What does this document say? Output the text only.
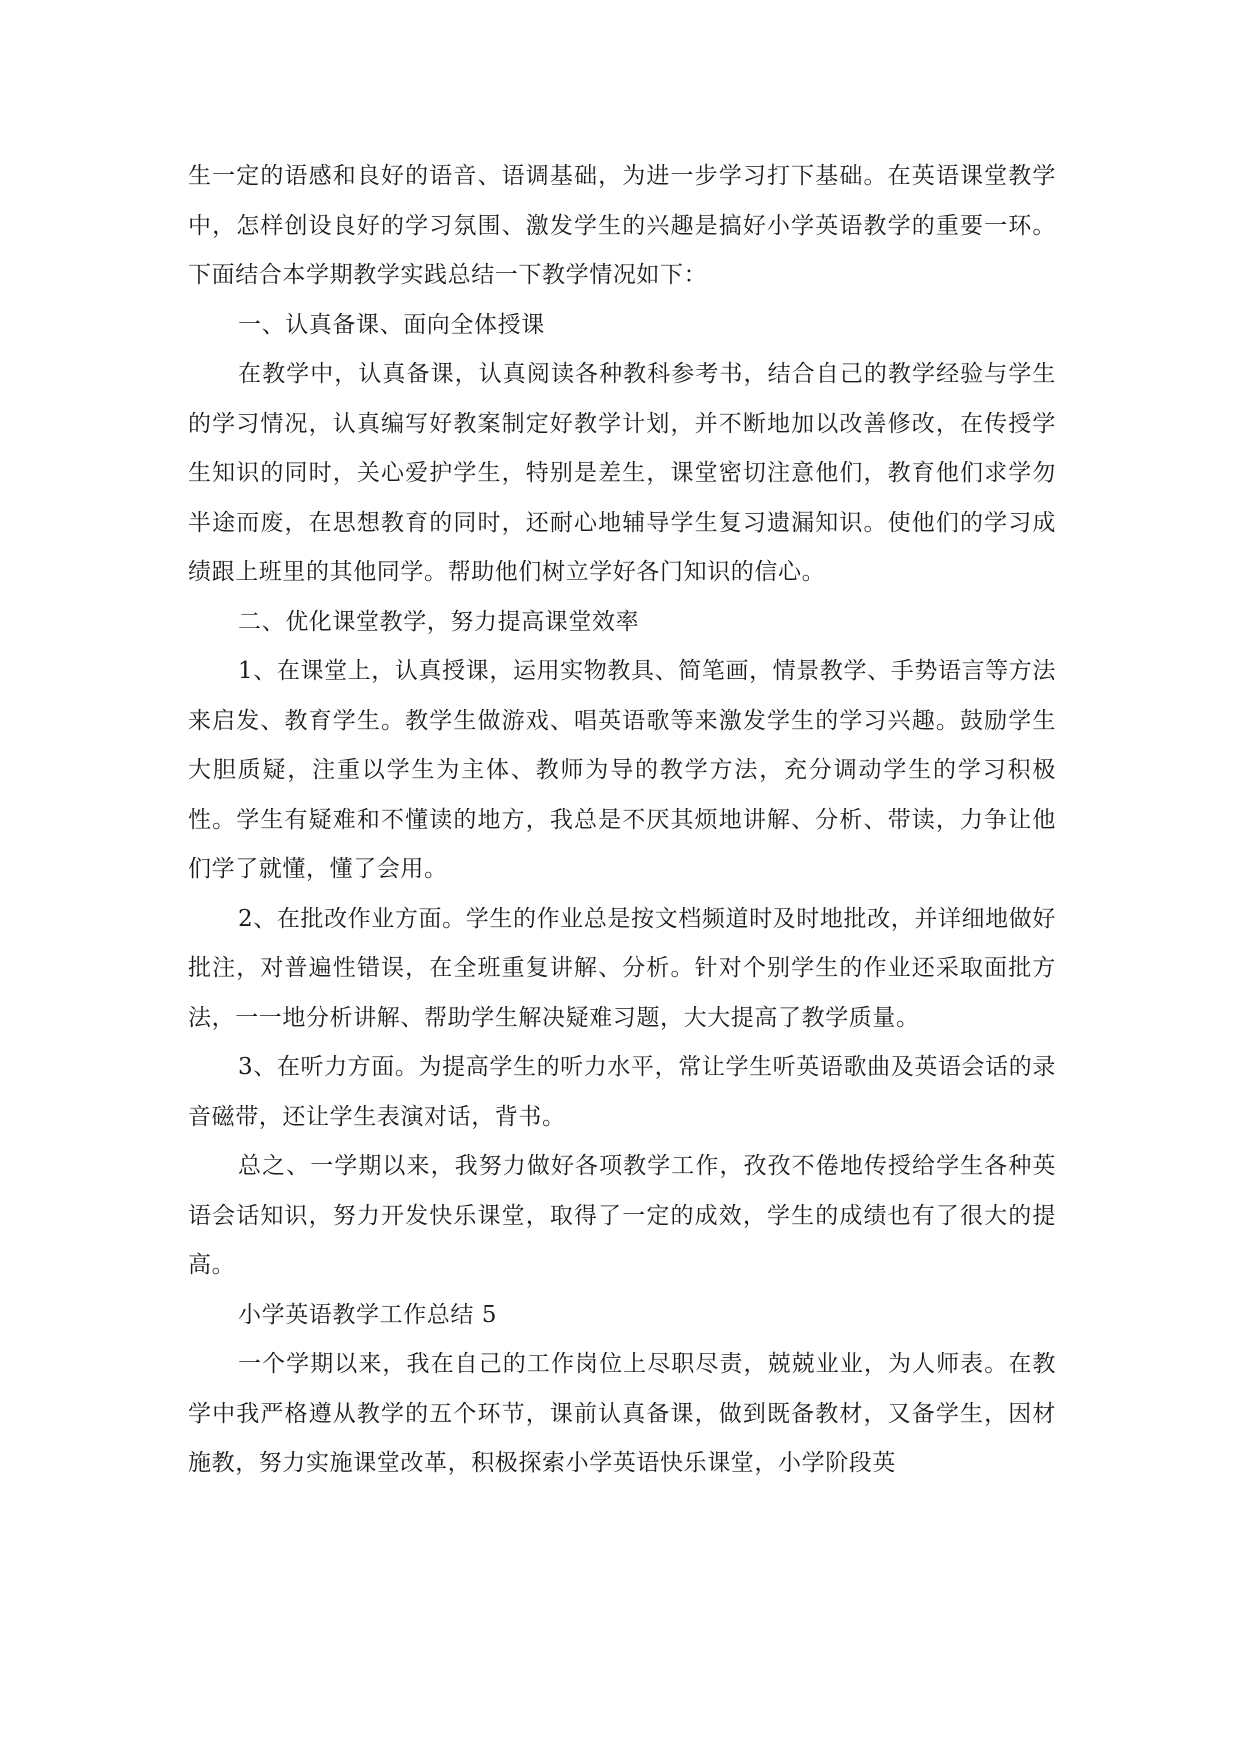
生一定的语感和良好的语音、语调基础，为进一步学习打下基础。在英语课堂教学中，怎样创设良好的学习氛围、激发学生的兴趣是搞好小学英语教学的重要一环。下面结合本学期教学实践总结一下教学情况如下：

一、认真备课、面向全体授课

在教学中，认真备课，认真阅读各种教科参考书，结合自己的教学经验与学生的学习情况，认真编写好教案制定好教学计划，并不断地加以改善修改，在传授学生知识的同时，关心爱护学生，特别是差生，课堂密切注意他们，教育他们求学勿半途而废，在思想教育的同时，还耐心地辅导学生复习遗漏知识。使他们的学习成绩跟上班里的其他同学。帮助他们树立学好各门知识的信心。

二、优化课堂教学，努力提高课堂效率

1、在课堂上，认真授课，运用实物教具、简笔画，情景教学、手势语言等方法来启发、教育学生。教学生做游戏、唱英语歌等来激发学生的学习兴趣。鼓励学生大胆质疑，注重以学生为主体、教师为导的教学方法，充分调动学生的学习积极性。学生有疑难和不懂读的地方，我总是不厌其烦地讲解、分析、带读，力争让他们学了就懂，懂了会用。

2、在批改作业方面。学生的作业总是按文档频道时及时地批改，并详细地做好批注，对普遍性错误，在全班重复讲解、分析。针对个别学生的作业还采取面批方法，一一地分析讲解、帮助学生解决疑难习题，大大提高了教学质量。

3、在听力方面。为提高学生的听力水平，常让学生听英语歌曲及英语会话的录音磁带，还让学生表演对话，背书。

总之、一学期以来，我努力做好各项教学工作，孜孜不倦地传授给学生各种英语会话知识，努力开发快乐课堂，取得了一定的成效，学生的成绩也有了很大的提高。

小学英语教学工作总结 5

一个学期以来，我在自己的工作岗位上尽职尽责，兢兢业业，为人师表。在教学中我严格遵从教学的五个环节，课前认真备课，做到既备教材，又备学生，因材施教，努力实施课堂改革，积极探索小学英语快乐课堂，小学阶段英
